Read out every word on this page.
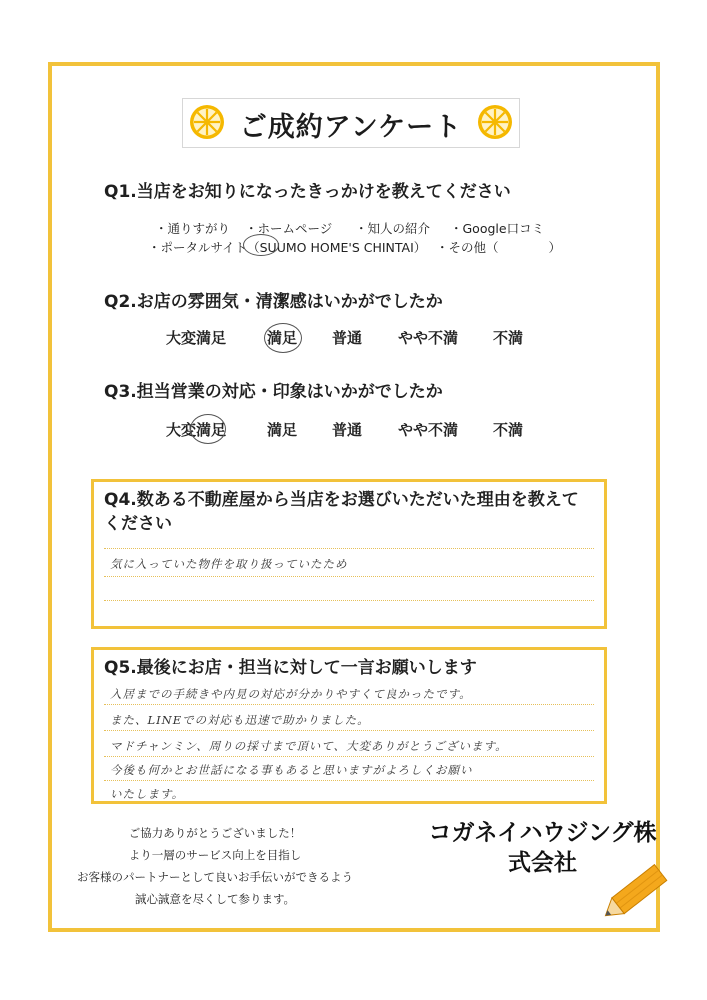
ご成約アンケート
Q1.当店をお知りになったきっかけを教えてください
・通りすがり ・ホームページ ・知人の紹介 ・Google口コミ
・ポータルサイト（SUUMO HOME'S CHINTAI） ・その他（　　　　）
Q2.お店の雰囲気・清潔感はいかがでしたか
大変満足	満足 普通 やや不満 不満
Q3.担当営業の対応・印象はいかがでしたか
大変満足	満足 普通 やや不満 不満
Q4.数ある不動産屋から当店をお選びいただいた理由を教えてください
気に入っていた物件を取り扱っていたため
Q5.最後にお店・担当に対して一言お願いします
入居までの手続きや内見の対応が分かりやすくて良かったです。
また、LINEでの対応も迅速で助かりました。
マドチャンミン、周りの採寸まで頂いて、大変ありがとうございます。
今後も何かとお世話になる事もあると思いますがよろしくお願い
いたします。
ご協力ありがとうございました！
より一層のサービス向上を目指し
お客様のパートナーとして良いお手伝いができるよう
誠心誠意を尽くして参ります。
コガネイハウジング株
式会社
